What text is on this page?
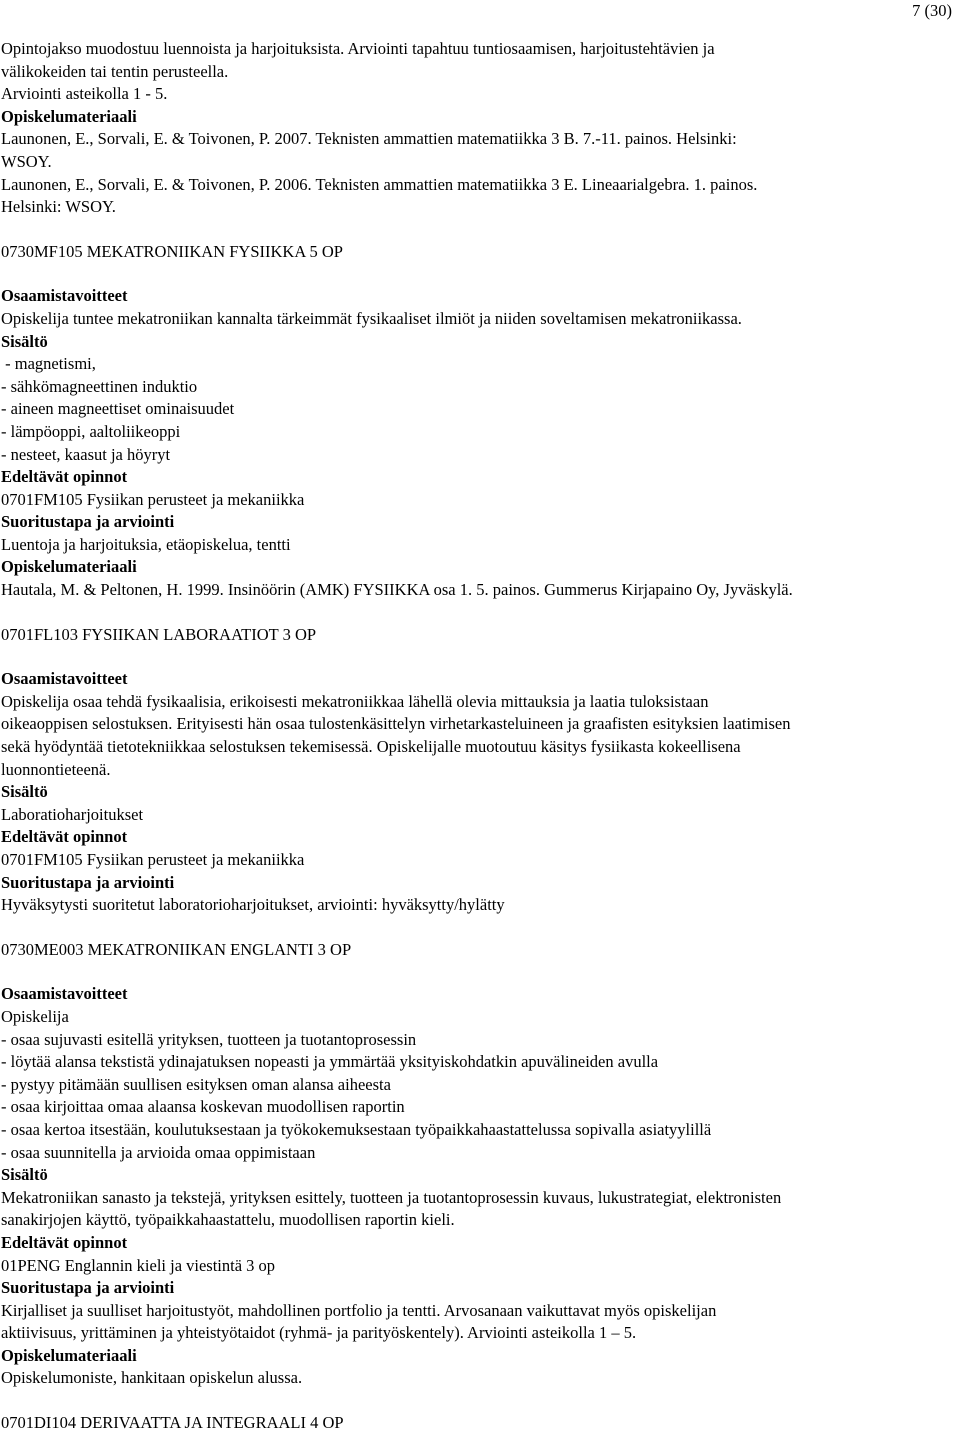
7 (30)
Opintojakso muodostuu luennoista ja harjoituksista. Arviointi tapahtuu tuntiosaamisen, harjoitustehtävien ja
välikokeiden tai tentin perusteella.
Arviointi asteikolla 1 - 5.
Opiskelumateriaali
Launonen, E., Sorvali, E. & Toivonen, P. 2007. Teknisten ammattien matematiikka 3 B. 7.-11. painos. Helsinki:
WSOY.
Launonen, E., Sorvali, E. & Toivonen, P. 2006. Teknisten ammattien matematiikka 3 E. Lineaarialgebra. 1. painos.
Helsinki: WSOY.
0730MF105 MEKATRONIIKAN FYSIIKKA 5 OP
Osaamistavoitteet
Opiskelija tuntee mekatroniikan kannalta tärkeimmät fysikaaliset ilmiöt ja niiden soveltamisen mekatroniikassa.
Sisältö
- magnetismi,
- sähkömagneettinen induktio
- aineen magneettiset ominaisuudet
- lämpöoppi, aaltoliikeoppi
- nesteet, kaasut ja höyryt
Edeltävät opinnot
0701FM105 Fysiikan perusteet ja mekaniikka
Suoritustapa ja arviointi
Luentoja ja harjoituksia, etäopiskelua, tentti
Opiskelumateriaali
Hautala, M. & Peltonen, H. 1999. Insinöörin (AMK) FYSIIKKA osa 1. 5. painos. Gummerus Kirjapaino Oy, Jyväskylä.
0701FL103 FYSIIKAN LABORAATIOT 3 OP
Osaamistavoitteet
Opiskelija osaa tehdä fysikaalisia, erikoisesti mekatroniikkaa lähellä olevia mittauksia ja laatia tuloksistaan
oikeaoppisen selostuksen. Erityisesti hän osaa tulostenkäsittelyn virhetarkasteluineen ja graafisten esityksien laatimisen
sekä hyödyntää tietotekniikkaa selostuksen tekemisessä. Opiskelijalle muotoutuu käsitys fysiikasta kokeellisena
luonnontieteenä.
Sisältö
Laboratioharjoitukset
Edeltävät opinnot
0701FM105 Fysiikan perusteet ja mekaniikka
Suoritustapa ja arviointi
Hyväksytysti suoritetut laboratorioharjoitukset, arviointi: hyväksytty/hylätty
0730ME003 MEKATRONIIKAN ENGLANTI 3 OP
Osaamistavoitteet
Opiskelija
- osaa sujuvasti esitellä yrityksen, tuotteen ja tuotantoprosessin
- löytää alansa tekstistä ydinajatuksen nopeasti ja ymmärtää yksityiskohdatkin apuvälineiden avulla
- pystyy pitämään suullisen esityksen oman alansa aiheesta
- osaa kirjoittaa omaa alaansa koskevan muodollisen raportin
- osaa kertoa itsestään, koulutuksestaan ja työkokemuksestaan työpaikkahaastattelussa sopivalla asiatyylillä
- osaa suunnitella ja arvioida omaa oppimistaan
Sisältö
Mekatroniikan sanasto ja tekstejä, yrityksen esittely, tuotteen ja tuotantoprosessin kuvaus, lukustrategiat, elektronisten
sanakirjojen käyttö, työpaikkahaastattelu, muodollisen raportin kieli.
Edeltävät opinnot
01PENG Englannin kieli ja viestintä 3 op
Suoritustapa ja arviointi
Kirjalliset ja suulliset harjoitustyöt, mahdollinen portfolio ja tentti. Arvosanaan vaikuttavat myös opiskelijan
aktiivisuus, yrittäminen ja yhteistyötaidot (ryhmä- ja parityöskentely). Arviointi asteikolla 1 – 5.
Opiskelumateriaali
Opiskelumoniste, hankitaan opiskelun alussa.
0701DI104 DERIVAATTA JA INTEGRAALI 4 OP
